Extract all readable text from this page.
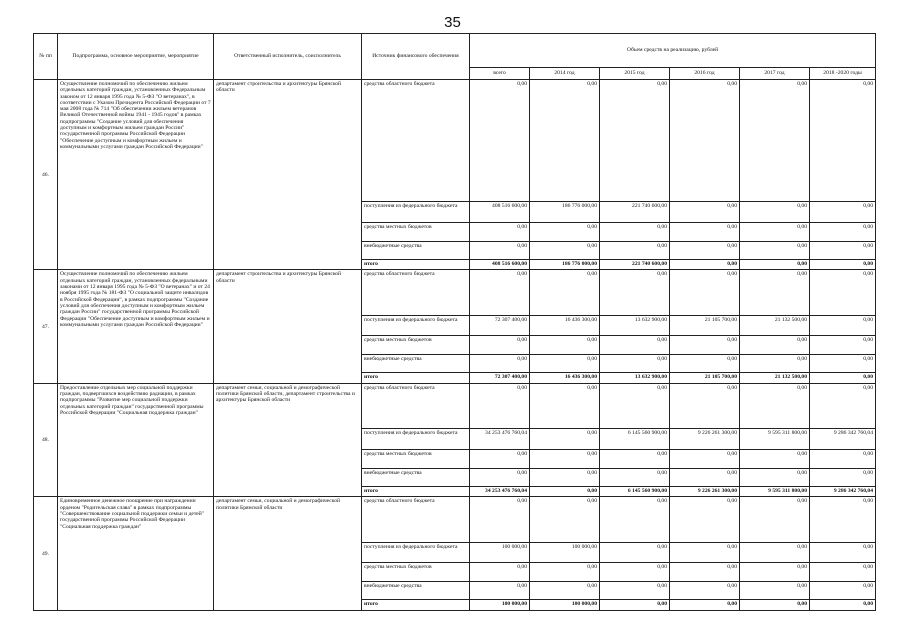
35
№ пп	Подпрограмма, основное мероприятие, мероприятие	Ответственный исполнитель, соисполнитель	Источник финансового обеспечения	Объем средств на реализацию, рублей					
				всего	2014 год	2015 год	2016 год	2017 год	2018 -2020 годы
46.	Осуществление полномочий по обеспечению жильем отдельных категорий граждан, установленных Федеральным законом от 12 января 1995 года № 5-ФЗ "О ветеранах", в соответствии с Указом Президента Российской Федерации от 7 мая 2008 года № 714 "Об обеспечении жильем ветеранов Великой Отечественной войны 1941 - 1945 годов" в рамках подпрограммы "Создание условий для обеспечения доступным и комфортным жильем граждан России" государственной программы Российской Федерации "Обеспечение доступным и комфортным жильем и коммунальными услугами граждан Российской Федерации"	департамент строительства и архитектуры Брянской области	средства областного бюджета	0,00	0,00	0,00	0,00	0,00	0,00
			поступления из федерального бюджета	408 516 600,00	186 776 000,00	221 740 600,00	0,00	0,00	0,00
			средства местных бюджетов	0,00	0,00	0,00	0,00	0,00	0,00
			внебюджетные средства	0,00	0,00	0,00	0,00	0,00	0,00
			итого	408 516 600,00	186 776 000,00	221 740 600,00	0,00	0,00	0,00
47.	Осуществление полномочий по обеспечению жильем отдельных категорий граждан, установленных федеральными законами от 12 января 1995 года № 5-ФЗ "О ветеранах" и от 24 ноября 1995 года № 181-ФЗ "О социальной защите инвалидов в Российской Федерации", в рамках подпрограммы "Создание условий для обеспечения доступным и комфортным жильем граждан России" государственной программы Российской Федерации "Обеспечение доступным и комфортным жильем и коммунальными услугами граждан Российской Федерации"	департамент строительства и архитектуры Брянской области	средства областного бюджета	0,00	0,00	0,00	0,00	0,00	0,00
			поступления из федерального бюджета	72 307 400,00	16 436 300,00	13 632 900,00	21 105 700,00	21 132 500,00	0,00
			средства местных бюджетов	0,00	0,00	0,00	0,00	0,00	0,00
			внебюджетные средства	0,00	0,00	0,00	0,00	0,00	0,00
			итого	72 307 400,00	16 436 300,00	13 632 900,00	21 105 700,00	21 132 500,00	0,00
48.	Предоставление отдельных мер социальной поддержки граждан, подвергшихся воздействию радиации, в рамках подпрограммы "Развитие мер социальной поддержки отдельных категорий граждан" государственной программы Российской Федерации "Социальная поддержка граждан"	департамент семьи, социальной и демографической политики Брянской области, департамент строительства и архитектуры Брянской области	средства областного бюджета	0,00	0,00	0,00	0,00	0,00	0,00
			поступления из федерального бюджета	34 253 476 760,04	0,00	6 145 560 900,00	9 226 261 300,00	9 595 311 800,00	9 286 342 760,04
			средства местных бюджетов	0,00	0,00	0,00	0,00	0,00	0,00
			внебюджетные средства	0,00	0,00	0,00	0,00	0,00	0,00
			итого	34 253 476 760,04	0,00	6 145 560 900,00	9 226 261 300,00	9 595 311 800,00	9 286 342 760,04
49.	Единовременное денежное поощрение при награждении орденом "Родительская слава" в рамках подпрограммы "Совершенствование социальной поддержки семьи и детей" государственной программы Российской Федерации "Социальная поддержка граждан"	департамент семьи, социальной и демографической политики Брянской области	средства областного бюджета	0,00	0,00	0,00	0,00	0,00	0,00
			поступления из федерального бюджета	100 000,00	100 000,00	0,00	0,00	0,00	0,00
			средства местных бюджетов	0,00	0,00	0,00	0,00	0,00	0,00
			внебюджетные средства	0,00	0,00	0,00	0,00	0,00	0,00
			итого	100 000,00	100 000,00	0,00	0,00	0,00	0,00
